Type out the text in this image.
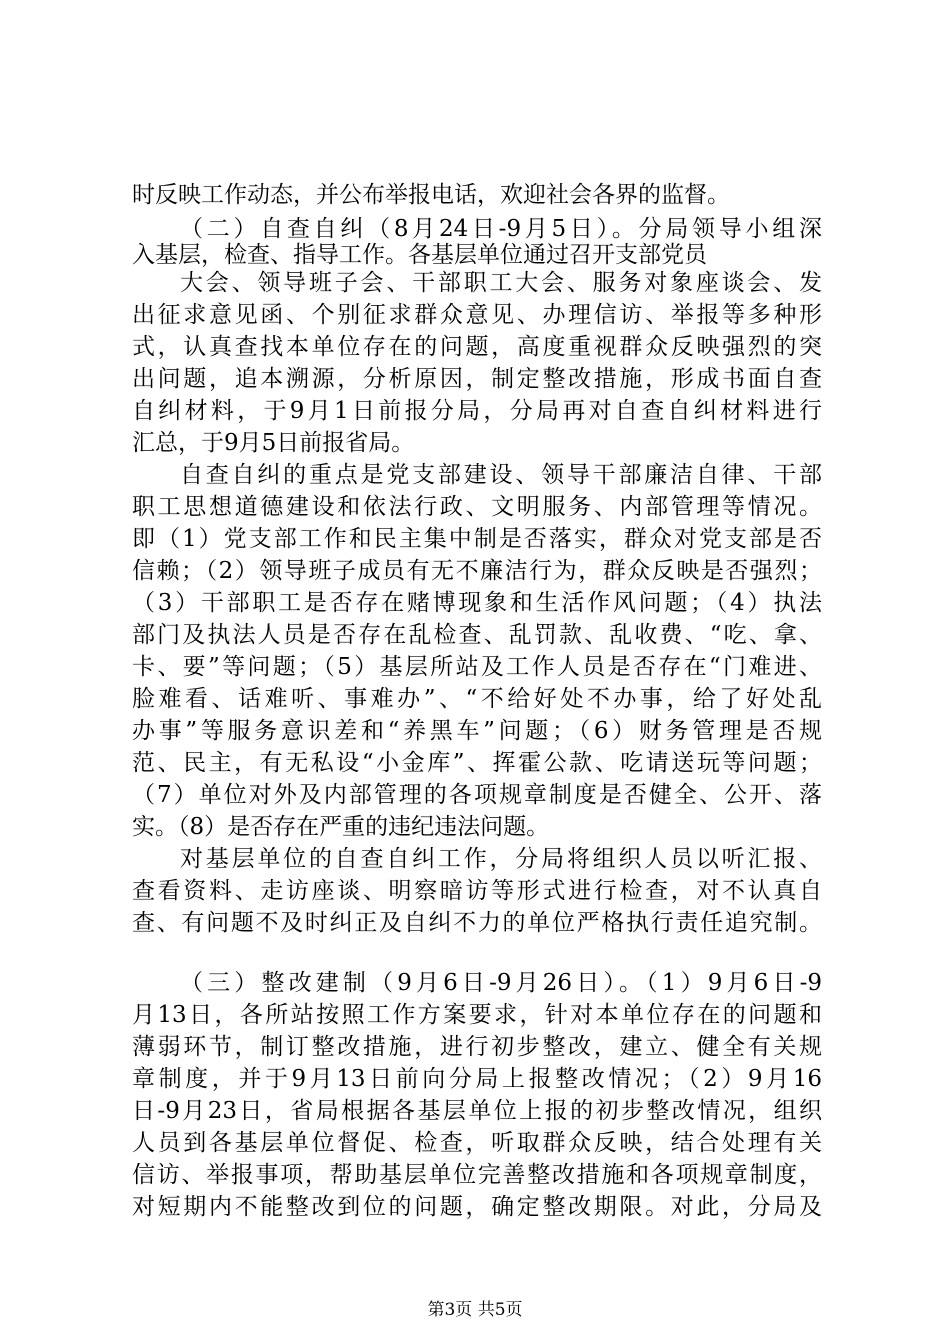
时反映工作动态，并公布举报电话，欢迎社会各界的监督。
（二）自查自纠（8月24日-9月5日）。分局领导小组深
入基层，检查、指导工作。各基层单位通过召开支部党员
大会、领导班子会、干部职工大会、服务对象座谈会、发
出征求意见函、个别征求群众意见、办理信访、举报等多种形
式，认真查找本单位存在的问题，高度重视群众反映强烈的突
出问题，追本溯源，分析原因，制定整改措施，形成书面自查
自纠材料，于9月1日前报分局，分局再对自查自纠材料进行
汇总，于9月5日前报省局。
自查自纠的重点是党支部建设、领导干部廉洁自律、干部
职工思想道德建设和依法行政、文明服务、内部管理等情况。
即（1）党支部工作和民主集中制是否落实，群众对党支部是否
信赖；（2）领导班子成员有无不廉洁行为，群众反映是否强烈；
（3）干部职工是否存在赌博现象和生活作风问题；（4）执法
部门及执法人员是否存在乱检查、乱罚款、乱收费、“吃、拿、
卡、要”等问题；（5）基层所站及工作人员是否存在“门难进、
脸难看、话难听、事难办”、“不给好处不办事，给了好处乱
办事”等服务意识差和“养黑车”问题；（6）财务管理是否规
范、民主，有无私设“小金库”、挥霍公款、吃请送玩等问题；
（7）单位对外及内部管理的各项规章制度是否健全、公开、落
实。（8）是否存在严重的违纪违法问题。
对基层单位的自查自纠工作，分局将组织人员以听汇报、
查看资料、走访座谈、明察暗访等形式进行检查，对不认真自
查、有问题不及时纠正及自纠不力的单位严格执行责任追究制。
（三）整改建制（9月6日-9月26日）。（1）9月6日-9
月13日，各所站按照工作方案要求，针对本单位存在的问题和
薄弱环节，制订整改措施，进行初步整改，建立、健全有关规
章制度，并于9月13日前向分局上报整改情况；（2）9月16
日-9月23日，省局根据各基层单位上报的初步整改情况，组织
人员到各基层单位督促、检查，听取群众反映，结合处理有关
信访、举报事项，帮助基层单位完善整改措施和各项规章制度，
对短期内不能整改到位的问题，确定整改期限。对此，分局及
第3页 共5页
